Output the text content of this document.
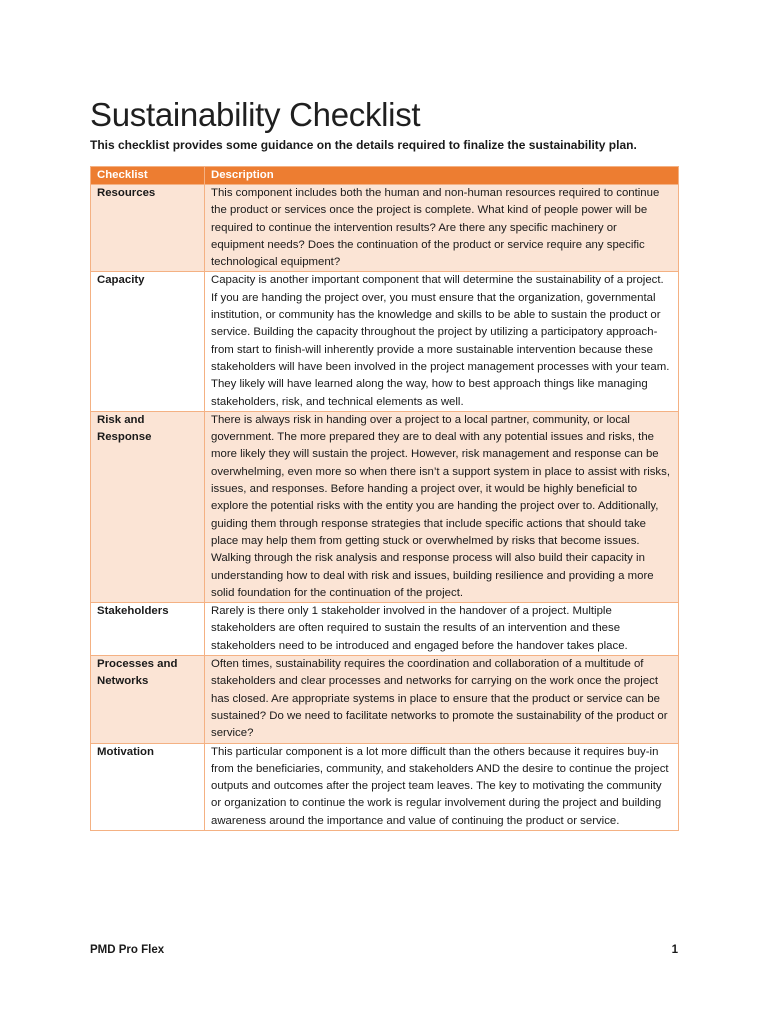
Sustainability Checklist
This checklist provides some guidance on the details required to finalize the sustainability plan.
Checklist	Description
Resources	This component includes both the human and non-human resources required to continue the product or services once the project is complete. What kind of people power will be required to continue the intervention results? Are there any specific machinery or equipment needs? Does the continuation of the product or service require any specific technological equipment?
Capacity	Capacity is another important component that will determine the sustainability of a project. If you are handing the project over, you must ensure that the organization, governmental institution, or community has the knowledge and skills to be able to sustain the product or service. Building the capacity throughout the project by utilizing a participatory approach-from start to finish-will inherently provide a more sustainable intervention because these stakeholders will have been involved in the project management processes with your team. They likely will have learned along the way, how to best approach things like managing stakeholders, risk, and technical elements as well.
Risk and Response	There is always risk in handing over a project to a local partner, community, or local government. The more prepared they are to deal with any potential issues and risks, the more likely they will sustain the project. However, risk management and response can be overwhelming, even more so when there isn’t a support system in place to assist with risks, issues, and responses. Before handing a project over, it would be highly beneficial to explore the potential risks with the entity you are handing the project over to. Additionally, guiding them through response strategies that include specific actions that should take place may help them from getting stuck or overwhelmed by risks that become issues. Walking through the risk analysis and response process will also build their capacity in understanding how to deal with risk and issues, building resilience and providing a more solid foundation for the continuation of the project.
Stakeholders	Rarely is there only 1 stakeholder involved in the handover of a project. Multiple stakeholders are often required to sustain the results of an intervention and these stakeholders need to be introduced and engaged before the handover takes place.
Processes and Networks	Often times, sustainability requires the coordination and collaboration of a multitude of stakeholders and clear processes and networks for carrying on the work once the project has closed. Are appropriate systems in place to ensure that the product or service can be sustained? Do we need to facilitate networks to promote the sustainability of the product or service?
Motivation	This particular component is a lot more difficult than the others because it requires buy-in from the beneficiaries, community, and stakeholders AND the desire to continue the project outputs and outcomes after the project team leaves. The key to motivating the community or organization to continue the work is regular involvement during the project and building awareness around the importance and value of continuing the product or service.
PMD Pro Flex	1
